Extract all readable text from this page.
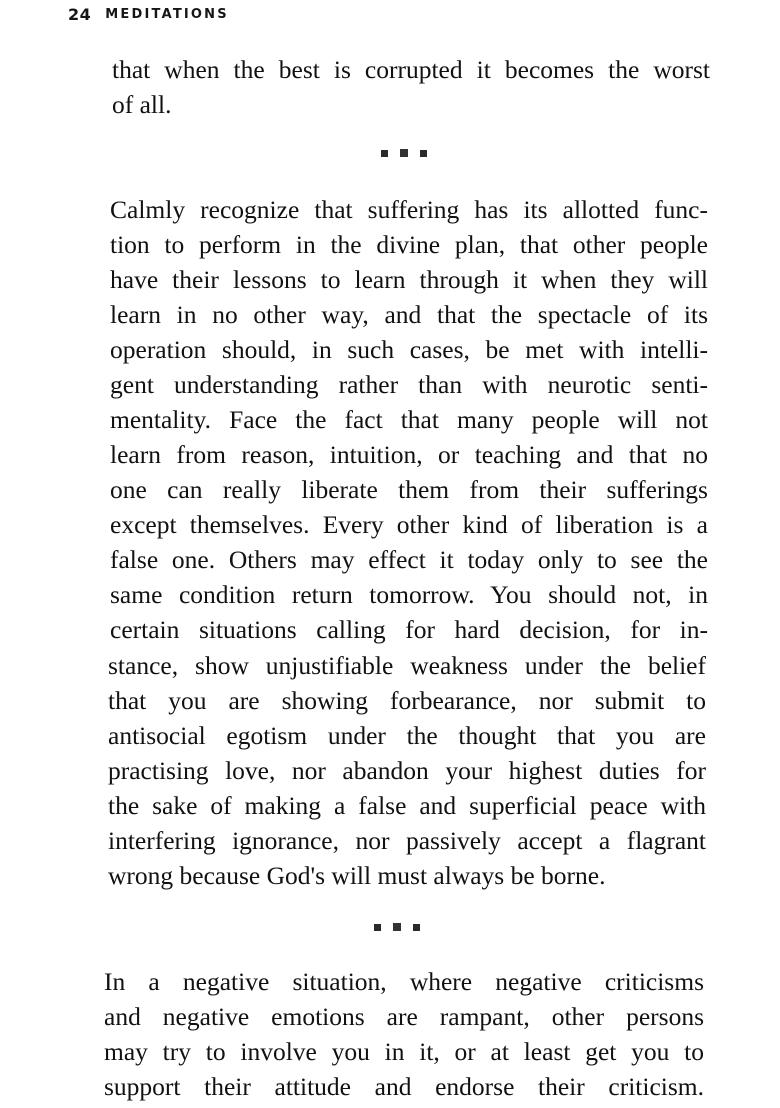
24 MEDITATIONS
that when the best is corrupted it becomes the worst
of all.
Calmly recognize that suffering has its allotted func-
tion to perform in the divine plan, that other people
have their lessons to learn through it when they will
learn in no other way, and that the spectacle of its
operation should, in such cases, be met with intelli-
gent understanding rather than with neurotic senti-
mentality. Face the fact that many people will not
learn from reason, intuition, or teaching and that no
one can really liberate them from their sufferings
except themselves. Every other kind of liberation is a
false one. Others may effect it today only to see the
same condition return tomorrow. You should not, in
certain situations calling for hard decision, for in-
stance, show unjustifiable weakness under the belief
that you are showing forbearance, nor submit to
antisocial egotism under the thought that you are
practising love, nor abandon your highest duties for
the sake of making a false and superficial peace with
interfering ignorance, nor passively accept a flagrant
wrong because God's will must always be borne.
In a negative situation, where negative criticisms
and negative emotions are rampant, other persons
may try to involve you in it, or at least get you to
support their attitude and endorse their criticism.
